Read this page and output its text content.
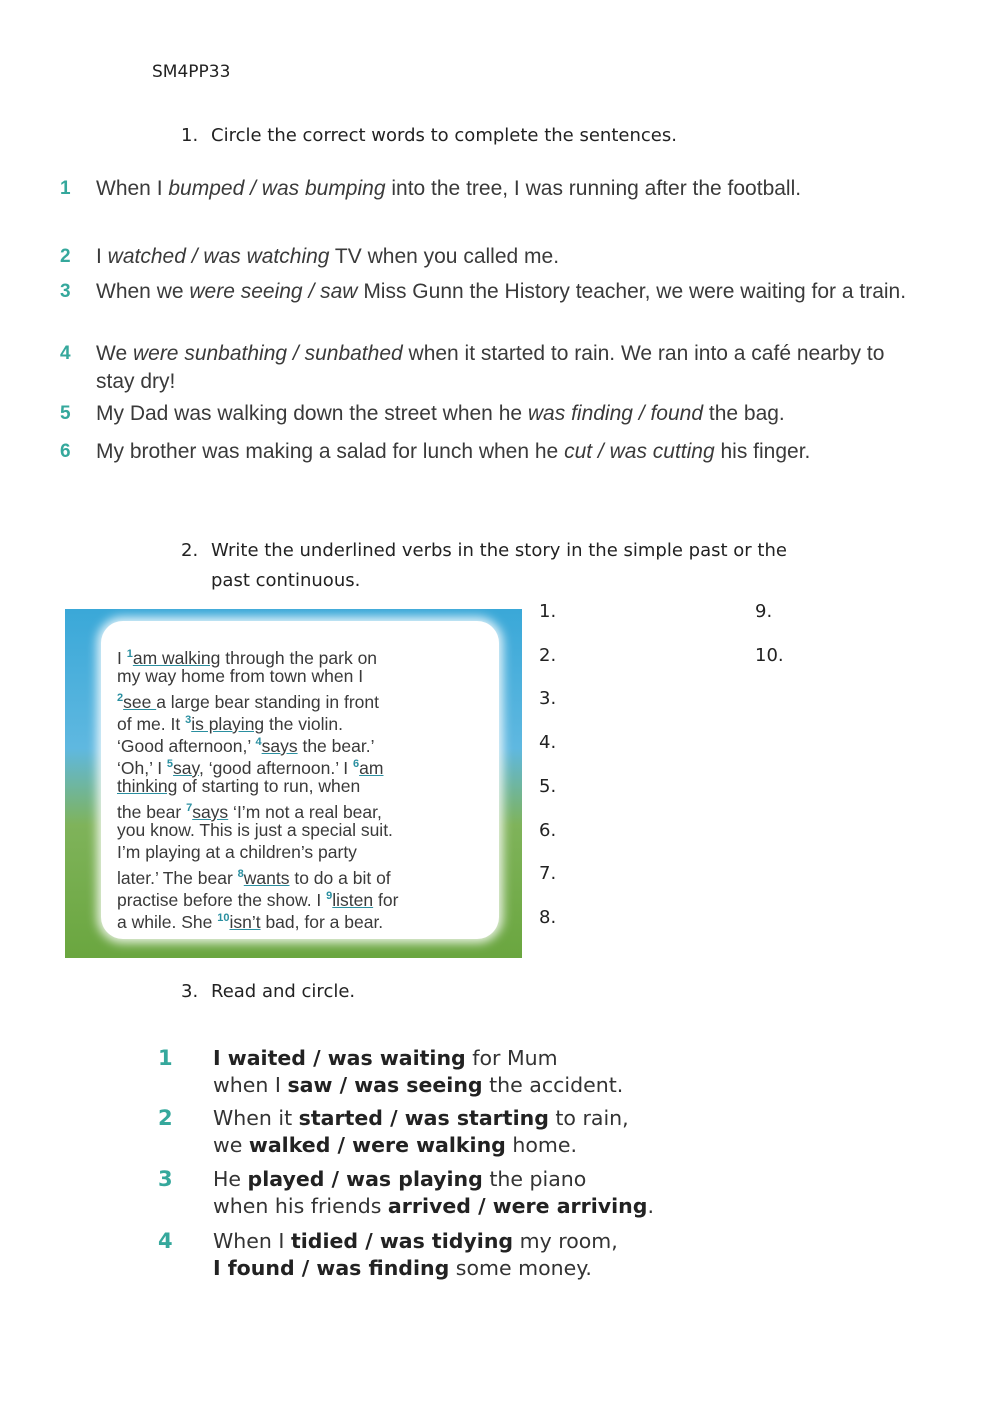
SM4PP33
1. Circle the correct words to complete the sentences.
1 When I bumped / was bumping into the tree, I was running after the football.
2 I watched / was watching TV when you called me.
3 When we were seeing / saw Miss Gunn the History teacher, we were waiting for a train.
4 We were sunbathing / sunbathed when it started to rain. We ran into a café nearby to stay dry!
5 My Dad was walking down the street when he was finding / found the bag.
6 My brother was making a salad for lunch when he cut / was cutting his finger.
2. Write the underlined verbs in the story in the simple past or the
past continuous.
I $^1$am walking through the park on
my way home from town when I
$^2$see a large bear standing in front
of me. It $^3$is playing the violin.
‘Good afternoon,’ $^4$says the bear.’
‘Oh,’ I $^5$say, ‘good afternoon.’ I $^6$am
thinking of starting to run, when
the bear $^7$says ‘I’m not a real bear,
you know. This is just a special suit.
I’m playing at a children’s party
later.’ The bear $^8$wants to do a bit of
practise before the show. I $^9$listen for
a while. She $^{10}$isn’t bad, for a bear.
1.
2.
3.
4.
5.
6.
7.
8.
9.
10.
3. Read and circle.
1 I waited / was waiting for Mum
when I saw / was seeing the accident.
2 When it started / was starting to rain,
we walked / were walking home.
3 He played / was playing the piano
when his friends arrived / were arriving.
4 When I tidied / was tidying my room,
I found / was finding some money.
